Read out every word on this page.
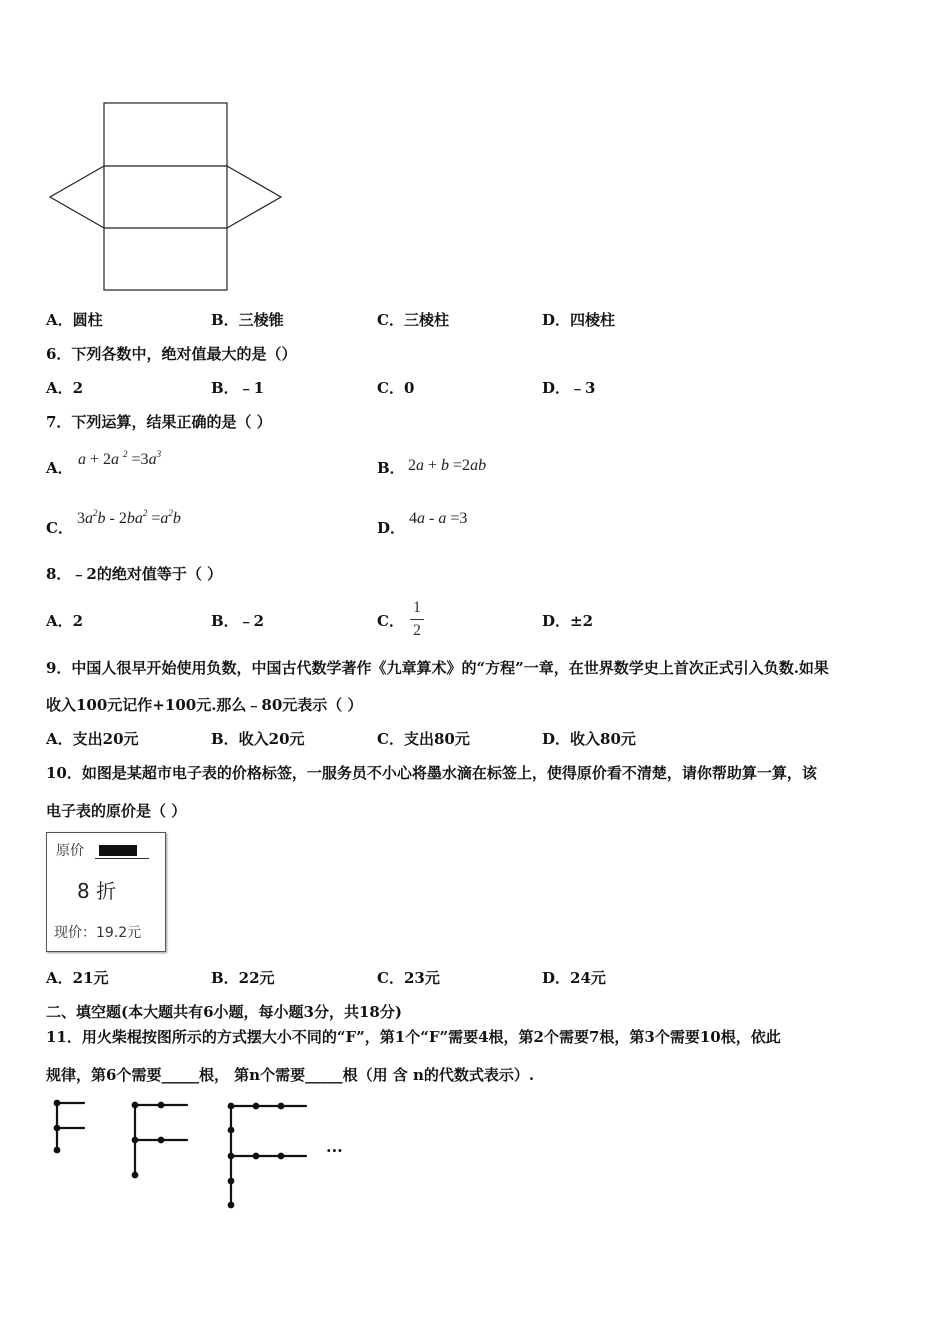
A．圆柱	B．三棱锥	C．三棱柱	D．四棱柱
6．下列各数中，绝对值最大的是（）
A．2	B．﹣1	C．0	D．﹣3
7．下列运算，结果正确的是（ ）
A． a + 2a $^2 =3a^3$
B． 2a + b =2ab
C．
$3a^2b - 2ba^2 =a^2b$
D．
4a - a =3
8．﹣2的绝对值等于（ ）
A．2	B．﹣2	C．
1
2
D．±2
9．中国人很早开始使用负数，中国古代数学著作《九章算术》的“方程”一章，在世界数学史上首次正式引入负数.如果
收入100元记作+100元.那么﹣80元表示（ ）
A．支出20元	B．收入20元	C．支出80元	D．收入80元
10．如图是某超市电子表的价格标签，一服务员不小心将墨水滴在标签上，使得原价看不清楚，请你帮助算一算，该
电子表的原价是（ ）
原价
8 折
现价：19.2元
A．21元	B．22元	C．23元	D．24元
二、填空题(本大题共有6小题，每小题3分，共18分)
11．用火柴棍按图所示的方式摆大小不同的“F”，第1个“F”需要4根，第2个需要7根，第3个需要10根，依此
规律，第6个需要_____根， 第n个需要_____根（用 含 n的代数式表示）.
...
